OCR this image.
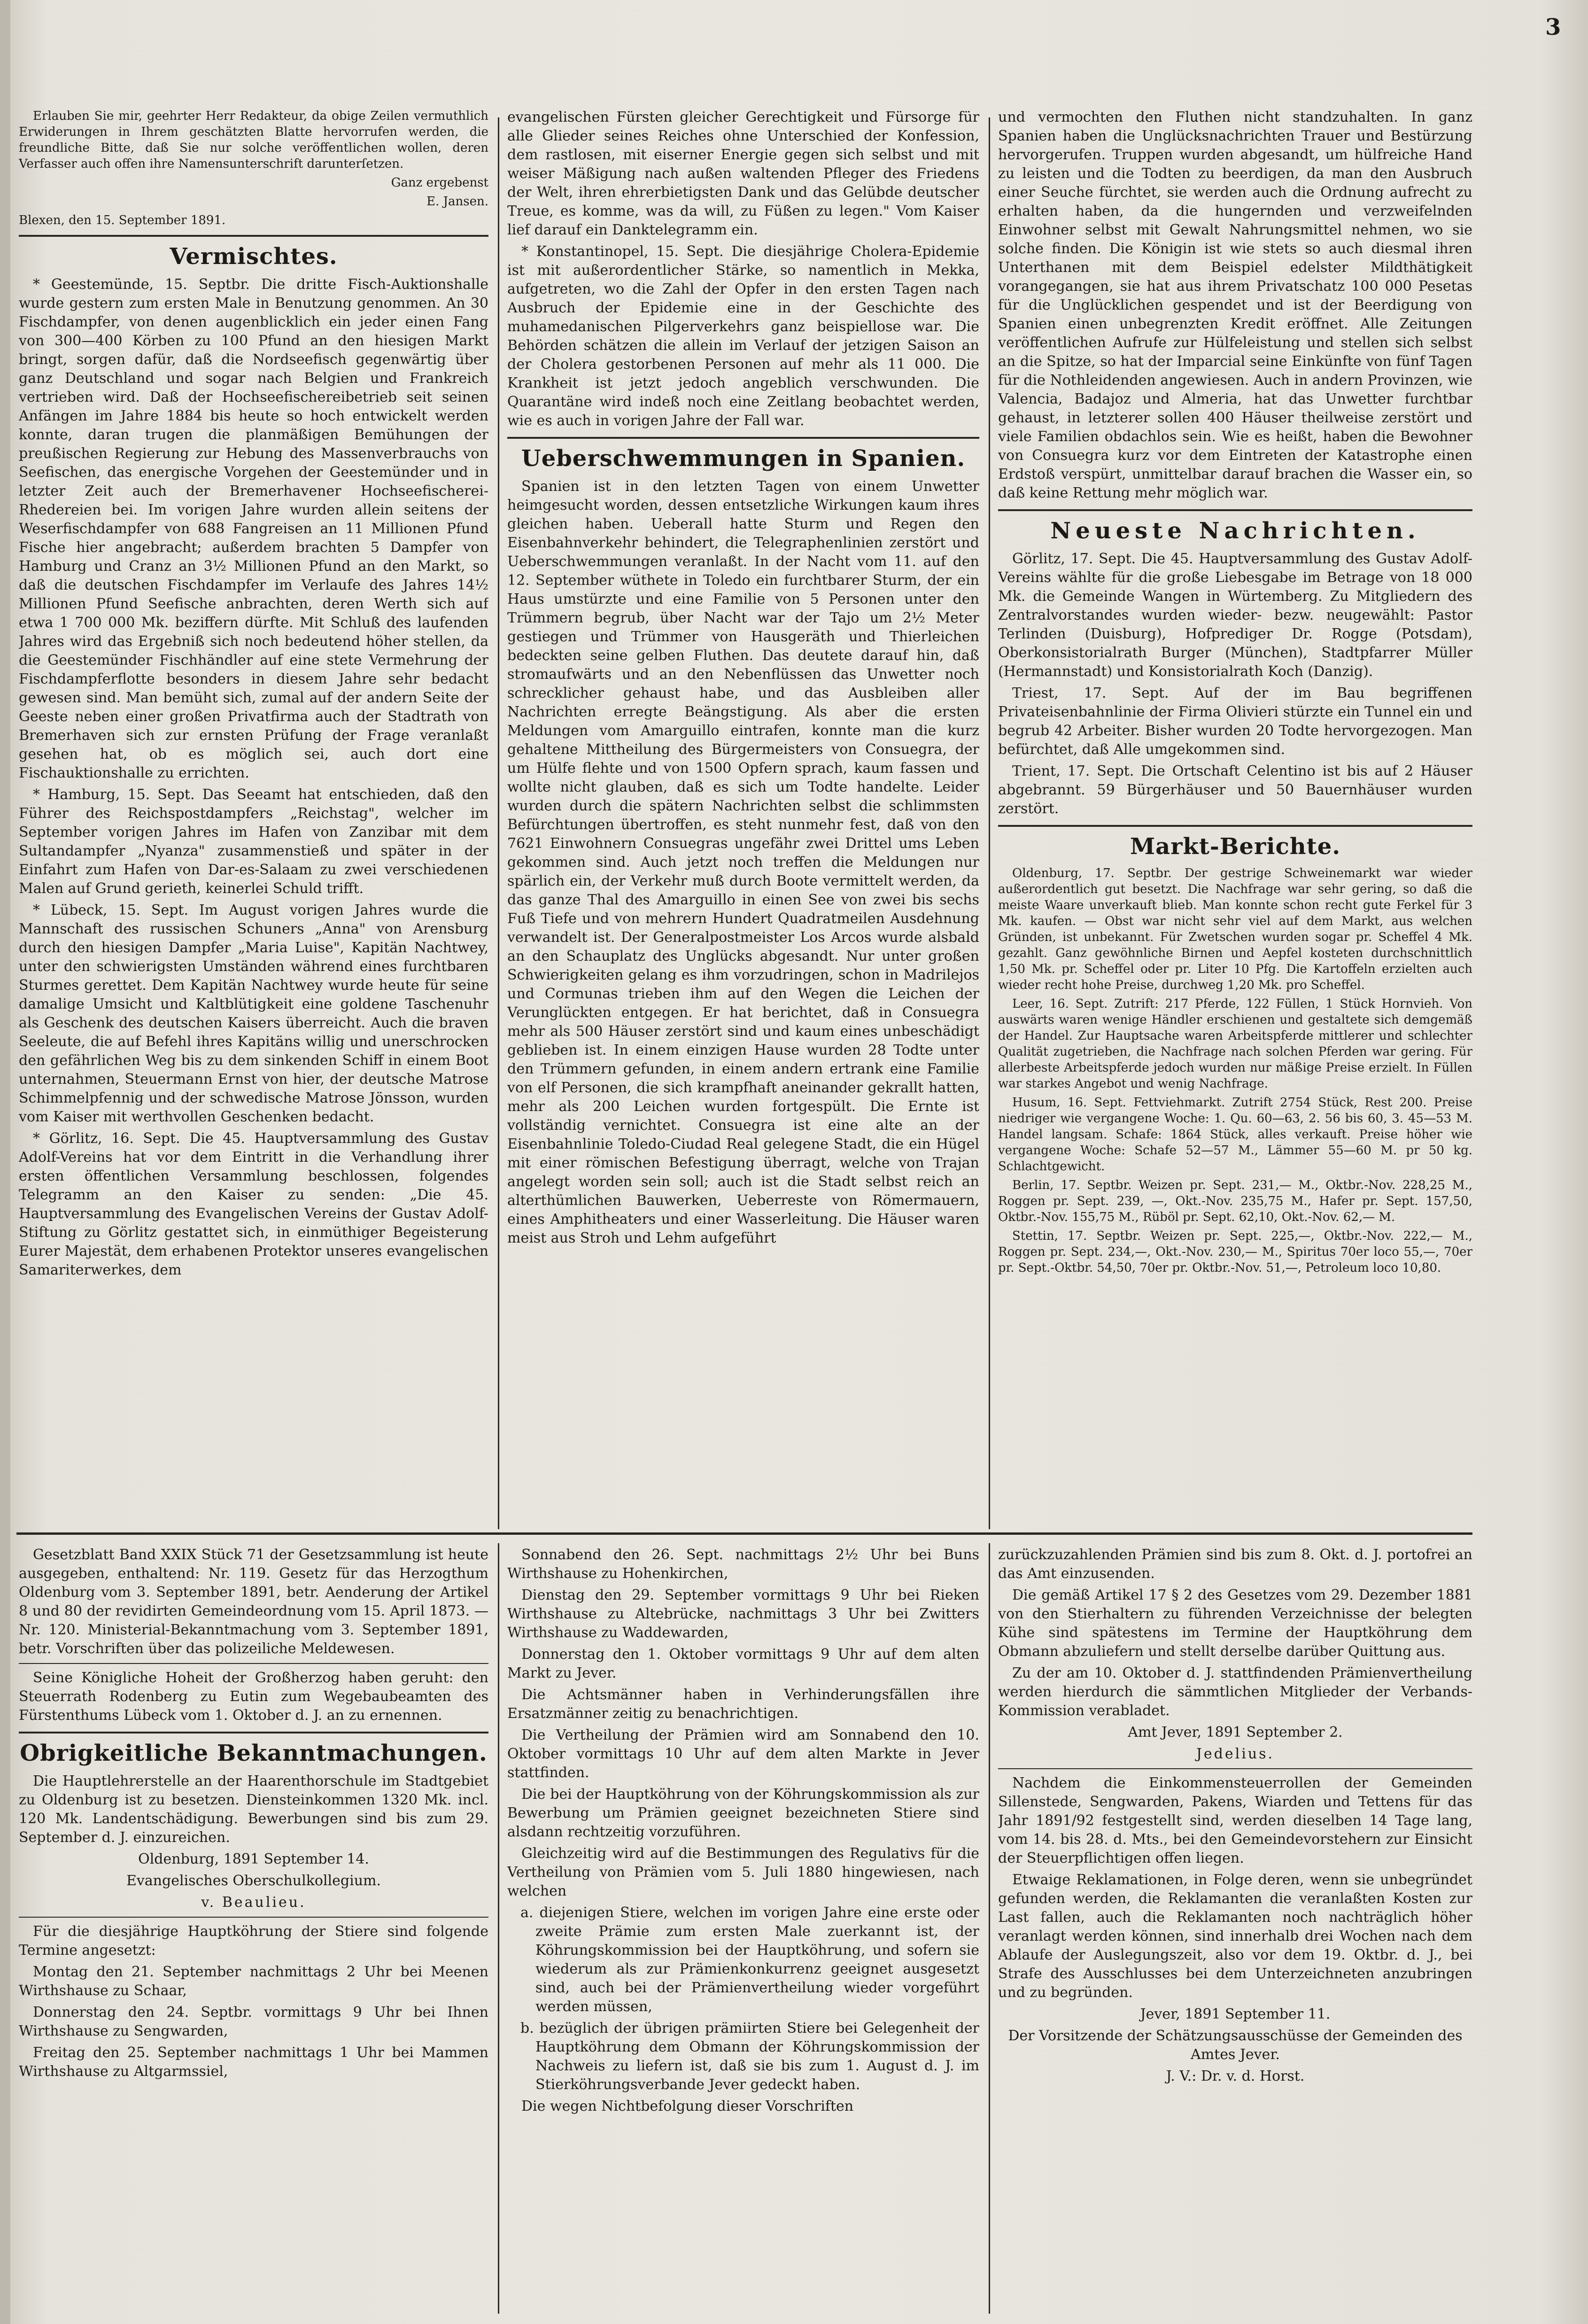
3

Erlauben Sie mir, geehrter Herr Redakteur, da obige Zeilen vermuthlich Erwiderungen in Ihrem geschätzten Blatte hervorrufen werden, die freundliche Bitte, daß Sie nur solche veröffentlichen wollen, deren Verfasser auch offen ihre Namensunterschrift darunterſetzen.

Ganz ergebenst

E. Jansen.

Blexen, den 15. September 1891.

Vermischtes.

* Geestemünde, 15. Septbr. Die dritte Fisch-Auktionshalle wurde gestern zum ersten Male in Benutzung genommen. An 30 Fischdampfer, von denen augenblicklich ein jeder einen Fang von 300—400 Körben zu 100 Pfund an den hiesigen Markt bringt, sorgen dafür, daß die Nordseefisch gegenwärtig über ganz Deutschland und sogar nach Belgien und Frankreich vertrieben wird. Daß der Hochseefischereibetrieb seit seinen Anfängen im Jahre 1884 bis heute so hoch entwickelt werden konnte, daran trugen die planmäßigen Bemühungen der preußischen Regierung zur Hebung des Massenverbrauchs von Seefischen, das energische Vorgehen der Geestemünder und in letzter Zeit auch der Bremerhavener Hochseefischerei-Rhedereien bei. Im vorigen Jahre wurden allein seitens der Weserfischdampfer von 688 Fangreisen an 11 Millionen Pfund Fische hier angebracht; außerdem brachten 5 Dampfer von Hamburg und Cranz an 3½ Millionen Pfund an den Markt, so daß die deutschen Fischdampfer im Verlaufe des Jahres 14½ Millionen Pfund Seefische anbrachten, deren Werth sich auf etwa 1 700 000 Mk. beziffern dürfte. Mit Schluß des laufenden Jahres wird das Ergebniß sich noch bedeutend höher stellen, da die Geestemünder Fischhändler auf eine stete Vermehrung der Fischdampferflotte besonders in diesem Jahre sehr bedacht gewesen sind. Man bemüht sich, zumal auf der andern Seite der Geeste neben einer großen Privatfirma auch der Stadtrath von Bremerhaven sich zur ernsten Prüfung der Frage veranlaßt gesehen hat, ob es möglich sei, auch dort eine Fischauktionshalle zu errichten.

* Hamburg, 15. Sept. Das Seeamt hat entschieden, daß den Führer des Reichspostdampfers „Reichstag", welcher im September vorigen Jahres im Hafen von Zanzibar mit dem Sultandampfer „Nyanza" zusammenstieß und später in der Einfahrt zum Hafen von Dar-es-Salaam zu zwei verschiedenen Malen auf Grund gerieth, keinerlei Schuld trifft.

* Lübeck, 15. Sept. Im August vorigen Jahres wurde die Mannschaft des russischen Schuners „Anna" von Arensburg durch den hiesigen Dampfer „Maria Luise", Kapitän Nachtwey, unter den schwierigsten Umständen während eines furchtbaren Sturmes gerettet. Dem Kapitän Nachtwey wurde heute für seine damalige Umsicht und Kaltblütigkeit eine goldene Taschenuhr als Geschenk des deutschen Kaisers überreicht. Auch die braven Seeleute, die auf Befehl ihres Kapitäns willig und unerschrocken den gefährlichen Weg bis zu dem sinkenden Schiff in einem Boot unternahmen, Steuermann Ernst von hier, der deutsche Matrose Schimmelpfennig und der schwedische Matrose Jönsson, wurden vom Kaiser mit werthvollen Geschenken bedacht.

* Görlitz, 16. Sept. Die 45. Hauptversammlung des Gustav Adolf-Vereins hat vor dem Eintritt in die Verhandlung ihrer ersten öffentlichen Versammlung beschlossen, folgendes Telegramm an den Kaiser zu senden: „Die 45. Hauptversammlung des Evangelischen Vereins der Gustav Adolf-Stiftung zu Görlitz gestattet sich, in einmüthiger Begeisterung Eurer Majestät, dem erhabenen Protektor unseres evangelischen Samariterwerkes, dem

evangelischen Fürsten gleicher Gerechtigkeit und Fürsorge für alle Glieder seines Reiches ohne Unterschied der Konfession, dem rastlosen, mit eiserner Energie gegen sich selbst und mit weiser Mäßigung nach außen waltenden Pfleger des Friedens der Welt, ihren ehrerbietigsten Dank und das Gelübde deutscher Treue, es komme, was da will, zu Füßen zu legen." Vom Kaiser lief darauf ein Danktelegramm ein.

* Konstantinopel, 15. Sept. Die diesjährige Cholera-Epidemie ist mit außerordentlicher Stärke, so namentlich in Mekka, aufgetreten, wo die Zahl der Opfer in den ersten Tagen nach Ausbruch der Epidemie eine in der Geschichte des muhamedanischen Pilgerverkehrs ganz beispiellose war. Die Behörden schätzen die allein im Verlauf der jetzigen Saison an der Cholera gestorbenen Personen auf mehr als 11 000. Die Krankheit ist jetzt jedoch angeblich verschwunden. Die Quarantäne wird indeß noch eine Zeitlang beobachtet werden, wie es auch in vorigen Jahre der Fall war.

Ueberschwemmungen in Spanien.

Spanien ist in den letzten Tagen von einem Unwetter heimgesucht worden, dessen entsetzliche Wirkungen kaum ihres gleichen haben. Ueberall hatte Sturm und Regen den Eisenbahnverkehr behindert, die Telegraphenlinien zerstört und Ueberschwemmungen veranlaßt. In der Nacht vom 11. auf den 12. September wüthete in Toledo ein furchtbarer Sturm, der ein Haus umstürzte und eine Familie von 5 Personen unter den Trümmern begrub, über Nacht war der Tajo um 2½ Meter gestiegen und Trümmer von Hausgeräth und Thierleichen bedeckten seine gelben Fluthen. Das deutete darauf hin, daß stromaufwärts und an den Nebenflüssen das Unwetter noch schrecklicher gehaust habe, und das Ausbleiben aller Nachrichten erregte Beängstigung. Als aber die ersten Meldungen vom Amarguillo eintrafen, konnte man die kurz gehaltene Mittheilung des Bürgermeisters von Consuegra, der um Hülfe flehte und von 1500 Opfern sprach, kaum fassen und wollte nicht glauben, daß es sich um Todte handelte. Leider wurden durch die spätern Nachrichten selbst die schlimmsten Befürchtungen übertroffen, es steht nunmehr fest, daß von den 7621 Einwohnern Consuegras ungefähr zwei Drittel ums Leben gekommen sind. Auch jetzt noch treffen die Meldungen nur spärlich ein, der Verkehr muß durch Boote vermittelt werden, da das ganze Thal des Amarguillo in einen See von zwei bis sechs Fuß Tiefe und von mehrern Hundert Quadratmeilen Ausdehnung verwandelt ist. Der Generalpostmeister Los Arcos wurde alsbald an den Schauplatz des Unglücks abgesandt. Nur unter großen Schwierigkeiten gelang es ihm vorzudringen, schon in Madrilejos und Cormunas trieben ihm auf den Wegen die Leichen der Verunglückten entgegen. Er hat berichtet, daß in Consuegra mehr als 500 Häuser zerstört sind und kaum eines unbeschädigt geblieben ist. In einem einzigen Hause wurden 28 Todte unter den Trümmern gefunden, in einem andern ertrank eine Familie von elf Personen, die sich krampfhaft aneinander gekrallt hatten, mehr als 200 Leichen wurden fortgespült. Die Ernte ist vollständig vernichtet. Consuegra ist eine alte an der Eisenbahnlinie Toledo-Ciudad Real gelegene Stadt, die ein Hügel mit einer römischen Befestigung überragt, welche von Trajan angelegt worden sein soll; auch ist die Stadt selbst reich an alterthümlichen Bauwerken, Ueberreste von Römermauern, eines Amphitheaters und einer Wasserleitung. Die Häuser waren meist aus Stroh und Lehm aufgeführt

und vermochten den Fluthen nicht standzuhalten. In ganz Spanien haben die Unglücksnachrichten Trauer und Bestürzung hervorgerufen. Truppen wurden abgesandt, um hülfreiche Hand zu leisten und die Todten zu beerdigen, da man den Ausbruch einer Seuche fürchtet, sie werden auch die Ordnung aufrecht zu erhalten haben, da die hungernden und verzweifelnden Einwohner selbst mit Gewalt Nahrungsmittel nehmen, wo sie solche finden. Die Königin ist wie stets so auch diesmal ihren Unterthanen mit dem Beispiel edelster Mildthätigkeit vorangegangen, sie hat aus ihrem Privatschatz 100 000 Pesetas für die Unglücklichen gespendet und ist der Beerdigung von Spanien einen unbegrenzten Kredit eröffnet. Alle Zeitungen veröffentlichen Aufrufe zur Hülfeleistung und stellen sich selbst an die Spitze, so hat der Imparcial seine Einkünfte von fünf Tagen für die Nothleidenden angewiesen. Auch in andern Provinzen, wie Valencia, Badajoz und Almeria, hat das Unwetter furchtbar gehaust, in letzterer sollen 400 Häuser theilweise zerstört und viele Familien obdachlos sein. Wie es heißt, haben die Bewohner von Consuegra kurz vor dem Eintreten der Katastrophe einen Erdstoß verspürt, unmittelbar darauf brachen die Wasser ein, so daß keine Rettung mehr möglich war.

Neueste Nachrichten.

Görlitz, 17. Sept. Die 45. Hauptversammlung des Gustav Adolf-Vereins wählte für die große Liebesgabe im Betrage von 18 000 Mk. die Gemeinde Wangen in Würtemberg. Zu Mitgliedern des Zentralvorstandes wurden wieder- bezw. neugewählt: Pastor Terlinden (Duisburg), Hofprediger Dr. Rogge (Potsdam), Oberkonsistorialrath Burger (München), Stadtpfarrer Müller (Hermannstadt) und Konsistorialrath Koch (Danzig).

Triest, 17. Sept. Auf der im Bau begriffenen Privateisenbahnlinie der Firma Olivieri stürzte ein Tunnel ein und begrub 42 Arbeiter. Bisher wurden 20 Todte hervorgezogen. Man befürchtet, daß Alle umgekommen sind.

Trient, 17. Sept. Die Ortschaft Celentino ist bis auf 2 Häuser abgebrannt. 59 Bürgerhäuser und 50 Bauernhäuser wurden zerstört.

Markt-Berichte.

Oldenburg, 17. Septbr. Der gestrige Schweinemarkt war wieder außerordentlich gut besetzt. Die Nachfrage war sehr gering, so daß die meiste Waare unverkauft blieb. Man konnte schon recht gute Ferkel für 3 Mk. kaufen. — Obst war nicht sehr viel auf dem Markt, aus welchen Gründen, ist unbekannt. Für Zwetschen wurden sogar pr. Scheffel 4 Mk. gezahlt. Ganz gewöhnliche Birnen und Aepfel kosteten durchschnittlich 1,50 Mk. pr. Scheffel oder pr. Liter 10 Pfg. Die Kartoffeln erzielten auch wieder recht hohe Preise, durchweg 1,20 Mk. pro Scheffel.

Leer, 16. Sept. Zutrift: 217 Pferde, 122 Füllen, 1 Stück Hornvieh. Von auswärts waren wenige Händler erschienen und gestaltete sich demgemäß der Handel. Zur Hauptsache waren Arbeitspferde mittlerer und schlechter Qualität zugetrieben, die Nachfrage nach solchen Pferden war gering. Für allerbeste Arbeitspferde jedoch wurden nur mäßige Preise erzielt. In Füllen war starkes Angebot und wenig Nachfrage.

Husum, 16. Sept. Fettviehmarkt. Zutrift 2754 Stück, Rest 200. Preise niedriger wie vergangene Woche: 1. Qu. 60—63, 2. 56 bis 60, 3. 45—53 M. Handel langsam. Schafe: 1864 Stück, alles verkauft. Preise höher wie vergangene Woche: Schafe 52—57 M., Lämmer 55—60 M. pr 50 kg. Schlachtgewicht.

Berlin, 17. Septbr. Weizen pr. Sept. 231,— M., Oktbr.-Nov. 228,25 M., Roggen pr. Sept. 239, —, Okt.-Nov. 235,75 M., Hafer pr. Sept. 157,50, Oktbr.-Nov. 155,75 M., Rüböl pr. Sept. 62,10, Okt.-Nov. 62,— M.

Stettin, 17. Septbr. Weizen pr. Sept. 225,—, Oktbr.-Nov. 222,— M., Roggen pr. Sept. 234,—, Okt.-Nov. 230,— M., Spiritus 70er loco 55,—, 70er pr. Sept.-Oktbr. 54,50, 70er pr. Oktbr.-Nov. 51,—, Petroleum loco 10,80.

Gesetzblatt Band XXIX Stück 71 der Gesetzsammlung ist heute ausgegeben, enthaltend: Nr. 119. Gesetz für das Herzogthum Oldenburg vom 3. September 1891, betr. Aenderung der Artikel 8 und 80 der revidirten Gemeindeordnung vom 15. April 1873. — Nr. 120. Ministerial-Bekanntmachung vom 3. September 1891, betr. Vorschriften über das polizeiliche Meldewesen.

Seine Königliche Hoheit der Großherzog haben geruht: den Steuerrath Rodenberg zu Eutin zum Wegebaubeamten des Fürstenthums Lübeck vom 1. Oktober d. J. an zu ernennen.

Obrigkeitliche Bekanntmachungen.

Die Hauptlehrerstelle an der Haarenthorschule im Stadtgebiet zu Oldenburg ist zu besetzen. Diensteinkommen 1320 Mk. incl. 120 Mk. Landentschädigung. Bewerbungen sind bis zum 29. September d. J. einzureichen.

Oldenburg, 1891 September 14.

Evangelisches Oberschulkollegium.

v. Beaulieu.

Für die diesjährige Hauptköhrung der Stiere sind folgende Termine angesetzt:

Montag den 21. September nachmittags 2 Uhr bei Meenen Wirthshause zu Schaar,

Donnerstag den 24. Septbr. vormittags 9 Uhr bei Ihnen Wirthshause zu Sengwarden,

Freitag den 25. September nachmittags 1 Uhr bei Mammen Wirthshause zu Altgarmssiel,

Sonnabend den 26. Sept. nachmittags 2½ Uhr bei Buns Wirthshause zu Hohenkirchen,

Dienstag den 29. September vormittags 9 Uhr bei Rieken Wirthshause zu Altebrücke, nachmittags 3 Uhr bei Zwitters Wirthshause zu Waddewarden,

Donnerstag den 1. Oktober vormittags 9 Uhr auf dem alten Markt zu Jever.

Die Achtsmänner haben in Verhinderungsfällen ihre Ersatzmänner zeitig zu benachrichtigen.

Die Vertheilung der Prämien wird am Sonnabend den 10. Oktober vormittags 10 Uhr auf dem alten Markte in Jever stattfinden.

Die bei der Hauptköhrung von der Köhrungskommission als zur Bewerbung um Prämien geeignet bezeichneten Stiere sind alsdann rechtzeitig vorzuführen.

Gleichzeitig wird auf die Bestimmungen des Regulativs für die Vertheilung von Prämien vom 5. Juli 1880 hingewiesen, nach welchen

a. diejenigen Stiere, welchen im vorigen Jahre eine erste oder zweite Prämie zum ersten Male zuerkannt ist, der Köhrungskommission bei der Hauptköhrung, und sofern sie wiederum als zur Prämienkonkurrenz geeignet ausgesetzt sind, auch bei der Prämienvertheilung wieder vorgeführt werden müssen,

b. bezüglich der übrigen prämiirten Stiere bei Gelegenheit der Hauptköhrung dem Obmann der Köhrungskommission der Nachweis zu liefern ist, daß sie bis zum 1. August d. J. im Stierköhrungsverbande Jever gedeckt haben.

Die wegen Nichtbefolgung dieser Vorschriften

zurückzuzahlenden Prämien sind bis zum 8. Okt. d. J. portofrei an das Amt einzusenden.

Die gemäß Artikel 17 § 2 des Gesetzes vom 29. Dezember 1881 von den Stierhaltern zu führenden Verzeichnisse der belegten Kühe sind spätestens im Termine der Hauptköhrung dem Obmann abzuliefern und stellt derselbe darüber Quittung aus.

Zu der am 10. Oktober d. J. stattfindenden Prämienvertheilung werden hierdurch die sämmtlichen Mitglieder der Verbands-Kommission verabladet.

Amt Jever, 1891 September 2.

Jedelius.

Nachdem die Einkommensteuerrollen der Gemeinden Sillenstede, Sengwarden, Pakens, Wiarden und Tettens für das Jahr 1891/92 festgestellt sind, werden dieselben 14 Tage lang, vom 14. bis 28. d. Mts., bei den Gemeindevorstehern zur Einsicht der Steuerpflichtigen offen liegen.

Etwaige Reklamationen, in Folge deren, wenn sie unbegründet gefunden werden, die Reklamanten die veranlaßten Kosten zur Last fallen, auch die Reklamanten noch nachträglich höher veranlagt werden können, sind innerhalb drei Wochen nach dem Ablaufe der Auslegungszeit, also vor dem 19. Oktbr. d. J., bei Strafe des Ausschlusses bei dem Unterzeichneten anzubringen und zu begründen.

Jever, 1891 September 11.

Der Vorsitzende der Schätzungsausschüsse der Gemeinden des Amtes Jever.

J. V.: Dr. v. d. Horst.
